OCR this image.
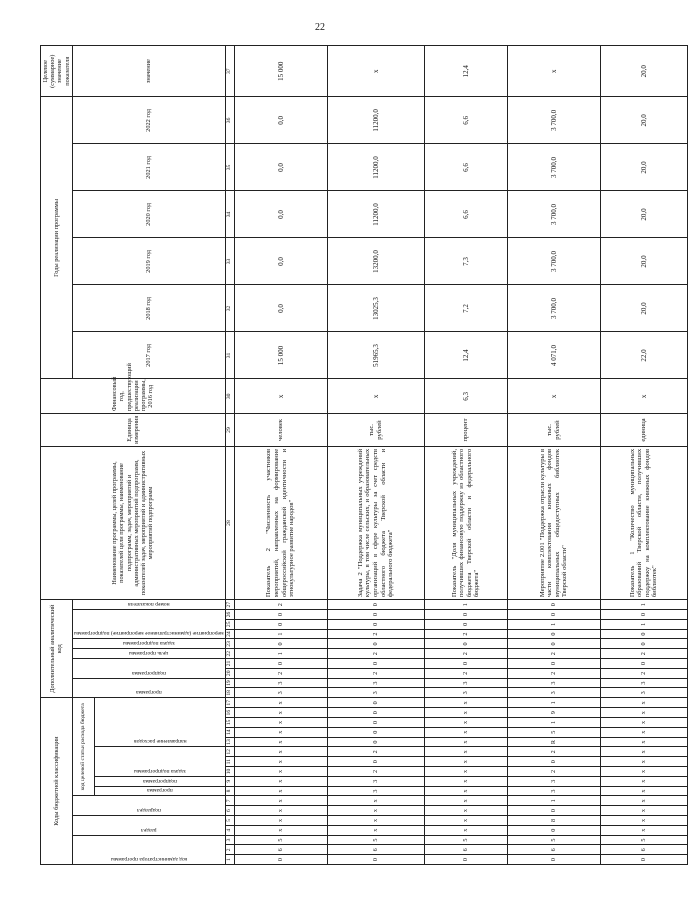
22
Коды бюджетной классификации																	Дополнительный аналитический код										Наименование программы, целей программы, показателей цели программы, наименование подпрограмм, задач, мероприятий и административных мероприятий подпрограмм, показателей задач, мероприятий и административных мероприятий подпрограмм	Единица измерения	Финансовый год, предшествующий реализации программы, 2016 год	Годы реализации программы						Целевое (суммарное) значение показателя

код администратора программы			раздел		подраздел		код целевой статьи расхода бюджета										программа		подпрограмма		цель программы	задача подпрограммы	мероприятие (административное мероприятие) подпрограммы			номер показателя				2017 год	2018 год	2019 год	2020 год	2021 год	2022 год	значение

							программа	подпрограмма	задача подпрограммы			направление расходов																								

1	2	3	4	5	6	7	8	9	10	11	12	13	14	15	16	17	18	19	20	21	22	23	24	25	26	27	28	29	30	31	32	33	34	35	36	37
0	6	5	х	х	х	х	х	х	х	х	х	х	х	х	х	х	3	3	2	0	1	0	1	0	0	2	Показатель 2 "Численность участников мероприятий, направленных на формирование общероссийской гражданской идентичности и этнокультурное развитие народов"	человек	х	15 000	0,0	0,0	0,0	0,0	0,0	15 000
0	6	5	х	х	х	х	3	3	2	0	2	0	0	0	0	0	3	3	2	0	2	0	2	0	0	0	Задача 2 "Поддержка муниципальных учреждений культуры, в том числе сельских, и образовательных организаций в сфере культуры за счет средств областного бюджета Тверской области и федерального бюджета"	тыс. рублей	х	51965,3	13025,3	13200,0	11200,0	11200,0	11200,0	х
0	6	5	х	х	х	х	х	х	х	х	х	х	х	х	х	х	3	3	2	0	2	0	2	0	0	1	Показатель "Доля муниципальных учреждений, получивших финансовую поддержку из областного бюджета Тверской области и федерального бюджета"	процент	6,3	12,4	7,2	7,3	6,6	6,6	6,6	12,4
0	6	5	0	8	0	1	3	3	2	0	2	R	5	1	9	1	3	3	2	0	2	0	0	1	0	0	Мероприятие 2.001 "Поддержка отрасли культуры в части комплектования книжных фондов муниципальных общедоступных библиотек Тверской области"	тыс. рублей	х	4 071,0	3 700,0	3 700,0	3 700,0	3 700,0	3 700,0	х
0	6	5	х	х	х	х	х	х	х	х	х	х	х	х	х	х	3	3	2	0	2	0	0	1	0	1	Показатель 1 "Количество муниципальных образований Тверской области, получивших поддержку на комплектование книжных фондов библиотек"	единица	х	22,0	20,0	20,0	20,0	20,0	20,0	20,0
